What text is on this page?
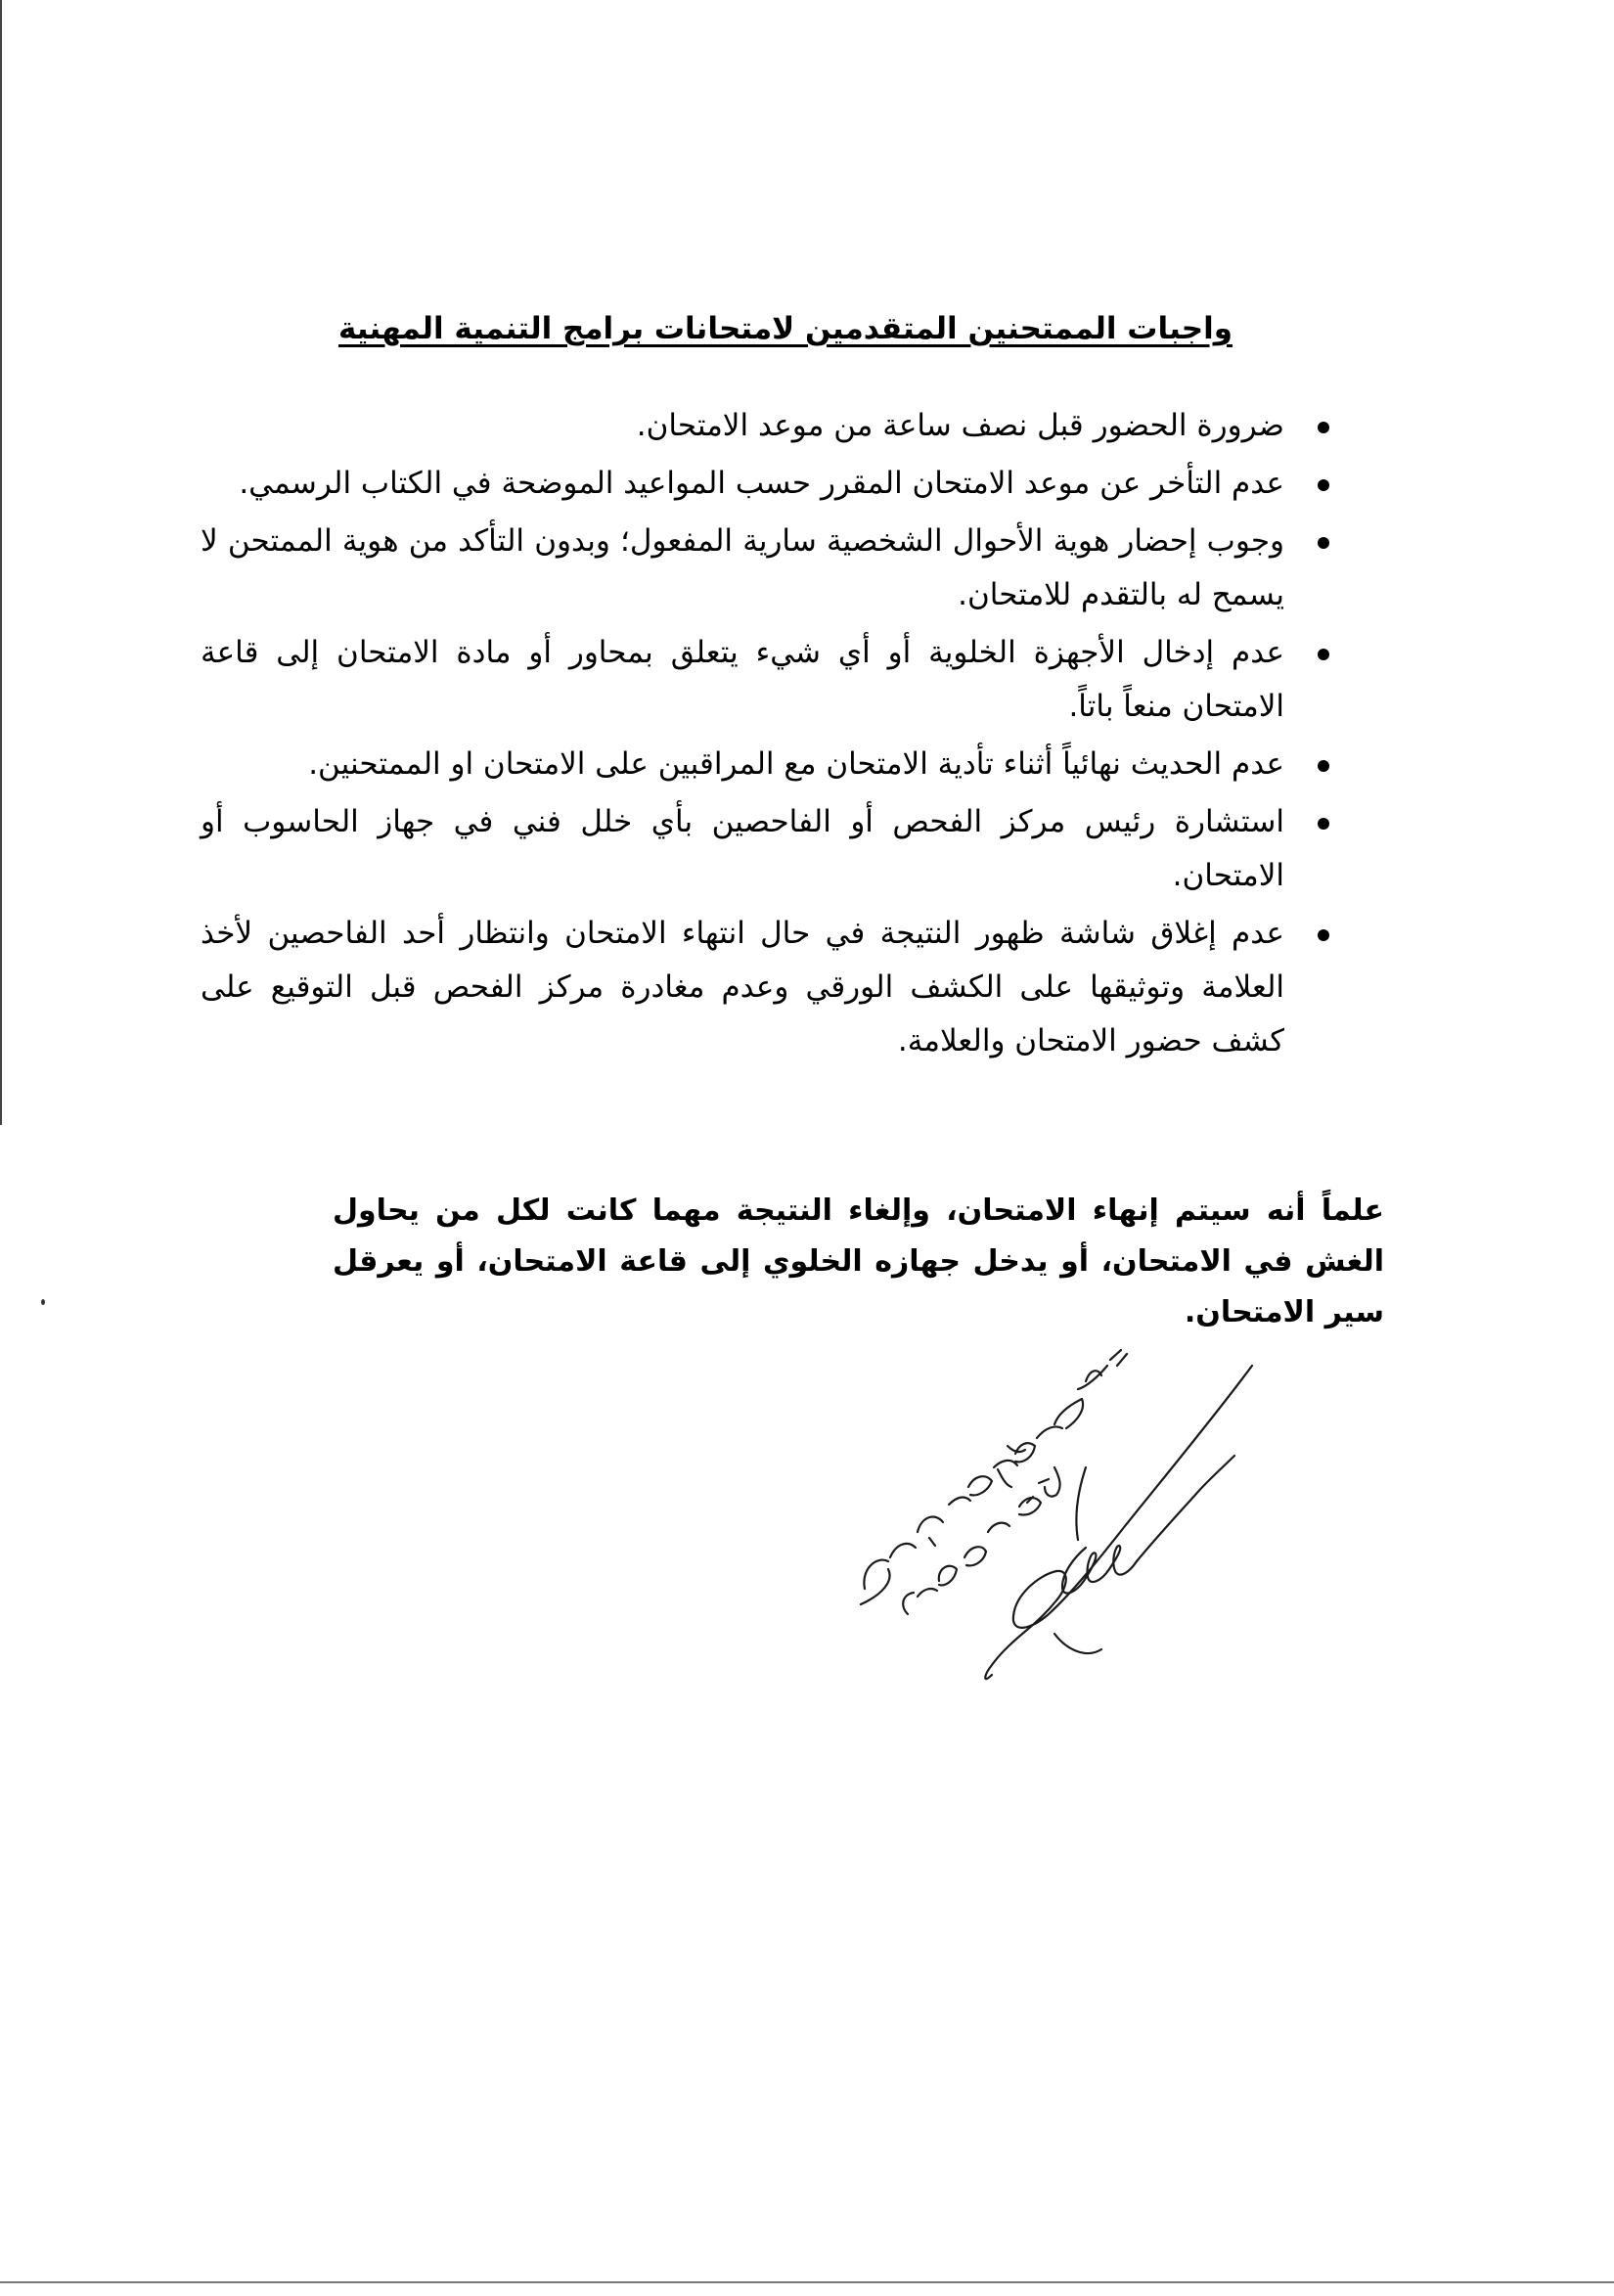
واجبات الممتحنين المتقدمين لامتحانات برامج التنمية المهنية
ضرورة الحضور قبل نصف ساعة من موعد الامتحان.
عدم التأخر عن موعد الامتحان المقرر حسب المواعيد الموضحة في الكتاب الرسمي.
وجوب إحضار هوية الأحوال الشخصية سارية المفعول؛ وبدون التأكد من هوية الممتحن لا يسمح له بالتقدم للامتحان.
عدم إدخال الأجهزة الخلوية أو أي شيء يتعلق بمحاور أو مادة الامتحان إلى قاعة الامتحان منعاً باتاً.
عدم الحديث نهائياً أثناء تأدية الامتحان مع المراقبين على الامتحان او الممتحنين.
استشارة رئيس مركز الفحص أو الفاحصين بأي خلل فني في جهاز الحاسوب أو الامتحان.
عدم إغلاق شاشة ظهور النتيجة في حال انتهاء الامتحان وانتظار أحد الفاحصين لأخذ العلامة وتوثيقها على الكشف الورقي وعدم مغادرة مركز الفحص قبل التوقيع على كشف حضور الامتحان والعلامة.
علماً أنه سيتم إنهاء الامتحان، وإلغاء النتيجة مهما كانت لكل من يحاول الغش في الامتحان، أو يدخل جهازه الخلوي إلى قاعة الامتحان، أو يعرقل سير الامتحان.
